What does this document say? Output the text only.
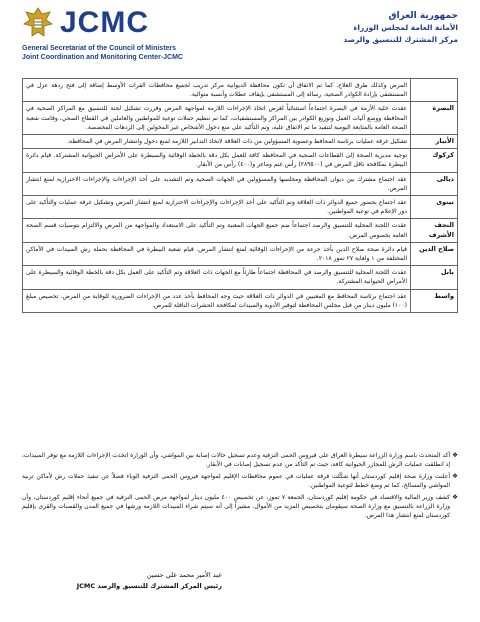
JCMC
General Secretariat of the Council of Ministers
Joint Coordination and Monitoring Center-JCMC
جمهورية العراق
الأمانة العامة لمجلس الوزراء
مركز المشترك للتنسيق والرصد
	المرض وكذلك طرق العلاج. كما تم الاتفاق أن تكون محافظة الديوانية مركز تدريب لجميع محافظات الفرات الأوسط إضافة إلى فتح ردهة عزل في المستشفى بإرادة الكوادر الصحية. رسالة إلى المستشفى بإيقاف عطلات وأنسبة متوالية.
البصرة	عقدت خلية الأزمة في البصرة اجتماعاً استثنائياً لغرض اتخاذ الإجراءات اللازمة لمواجهة المرض وقررت تشكيل لجنة للتنسيق مع المراكز الصحية في المحافظة ووضع آليات العمل وتوزيع الكوادر بين المراكز والمستشفيات، كما تم تنظيم حملات توعية للمواطنين والعاملين في القطاع الصحي، وقامت شعبة الصحة العامة بالمتابعة اليومية لتنفيذ ما تم الاتفاق عليه، وتم التأكيد على منع دخول الأشخاص غير المخولين إلى الردهات المخصصة.
الأنبار	تشكيل غرفة عمليات برئاسة المحافظ وعضوية المسؤولين من ذات العلاقة لاتخاذ التدابير اللازمة لمنع دخول وانتشار المرض في المحافظة.
كركوك	توجيه مديرية الصحة إلى القطاعات الصحية في المحافظة كافة للعمل بكل دقة بالخطة الوقائية والسيطرة على الأمراض الحيوانية المشتركة. قيام دائرة البيطرة بمكافحة ناقل المرض في (٢٨٩٥٠٠) رأس غنم وماعز و(٤٠٠) رأس من الأبقار.
ديالى	عقد اجتماع مشترك بين ديوان المحافظة ومجلسها والمسؤولين في الجهات الصحية وتم التشديد على أخذ الإجراءات والإجراءات الاحترازية لمنع انتشار المرض.
نينوى	عقد اجتماع بحضور جميع الدوائر ذات العلاقة وتم التأكيد على أخذ الإجراءات والإجراءات الاحترازية لمنع انتشار المرض وتشكيل غرفة عمليات والتأكيد على دور الإعلام في توعية المواطنين.
النجف الأشرف	عقدت اللجنة المحلية للتنسيق والرصد اجتماعاً ضم جميع الجهات المعنية وتم التأكيد على الاستعداد والمواجهة من المرض والالتزام بتوصيات قسم الصحة العامة بخصوص المرض.
صلاح الدين	قيام دائرة صحة صلاح الدين بأخذ جرعة من الإجراءات الوقائية لمنع انتشار المرض. قيام شعبة البيطرة في المحافظة بحملة رش المبيدات في الأماكن المختلفة من ١ ولغاية ٢٧ تموز ٢٠١٨.
بابل	عقدت اللجنة المحلية للتنسيق والرصد في المحافظة اجتماعاً طارئاً مع الجهات ذات العلاقة وتم التأكيد على العمل بكل دقة بالخطة الوقائية والسيطرة على الأمراض الحيوانية المشتركة.
واسط	عقد اجتماع برئاسة المحافظ مع المعنيين في الدوائر ذات العلاقة حيث وجه المحافظ بأخذ عدد من الإجراءات الضرورية للوقاية من المرض. تخصيص مبلغ (١٠٠) مليون دينار من قبل مجلس المحافظة لتوفير الأدوية والمبيدات لمكافحة الحشرات الناقلة للمرض.
❖
أكد المتحدث باسم وزارة الزراعة سيطرة العراق على فيروس الحمى النزفية وعدم تسجيل حالات إصابة بين المواشي، وأن الوزارة اتخذت الإجراءات اللازمة مع توفر المبيدات، إذ انطلقت عمليات الرش للمجازر الحيوانية كافة، حيث تم التأكد من عدم تسجيل إصابات في الأبقار.
❖
أعلنت وزارة صحة إقليم كوردستان أنها شكّلت فرقة عمليات في عموم محافظات الإقليم لمواجهة فيروس الحمى النزفية الوباء فضلاً عن تنفيذ حملات رش لأماكن تربية المواشي والمسالخ، كما تم وضع خطط لتوعية المواطنين.
❖
كشف وزير المالية والاقتصاد في حكومة إقليم كوردستان، الجمعة ٧ تموز، عن تخصيص ٤٠٠ مليون دينار لمواجهة مرض الحمى النزفية في جميع أنحاء إقليم كوردستان، وأن وزارة الزراعة بالتنسيق مع وزارة الصحة سيقومان بتخصيص المزيد من الأموال. مشيراً إلى أنه سيتم شراء المبيدات اللازمة ورشها في جميع المدن والقصبات والقرى بإقليم كوردستان لمنع انتشار هذا المرض.
عبد الأمير محمد علي حسين
رئيس المركز المشترك للتنسيق والرصد JCMC
